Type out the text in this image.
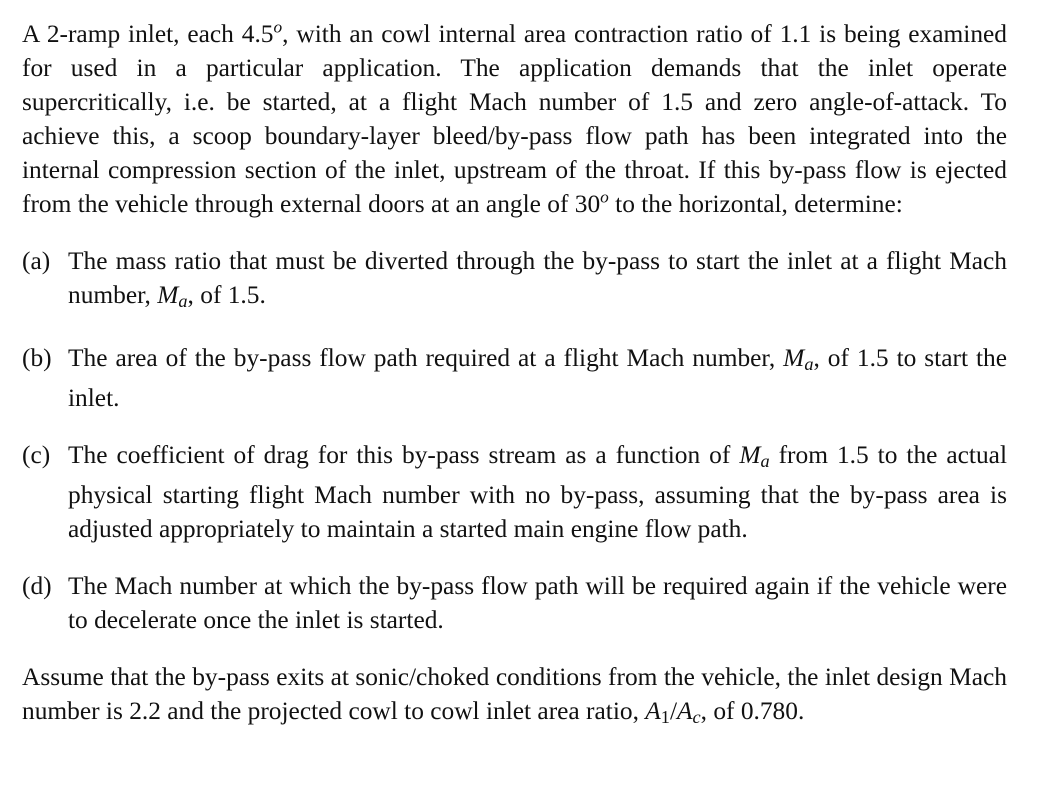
A 2-ramp inlet, each 4.5$^o$, with an cowl internal area contraction ratio of 1.1 is being examined for used in a particular application. The application demands that the inlet operate supercritically, i.e. be started, at a flight Mach number of 1.5 and zero angle-of-attack. To achieve this, a scoop boundary-layer bleed/by-pass flow path has been integrated into the internal compression section of the inlet, upstream of the throat. If this by-pass flow is ejected from the vehicle through external doors at an angle of 30$^o$ to the horizontal, determine:

(a) The mass ratio that must be diverted through the by-pass to start the inlet at a flight Mach number, $M_a$, of 1.5.
(b) The area of the by-pass flow path required at a flight Mach number, $M_a$, of 1.5 to start the inlet.
(c) The coefficient of drag for this by-pass stream as a function of $M_a$ from 1.5 to the actual physical starting flight Mach number with no by-pass, assuming that the by-pass area is adjusted appropriately to maintain a started main engine flow path.
(d) The Mach number at which the by-pass flow path will be required again if the vehicle were to decelerate once the inlet is started.

Assume that the by-pass exits at sonic/choked conditions from the vehicle, the inlet design Mach number is 2.2 and the projected cowl to cowl inlet area ratio, $A1/A_c$, of 0.780.
